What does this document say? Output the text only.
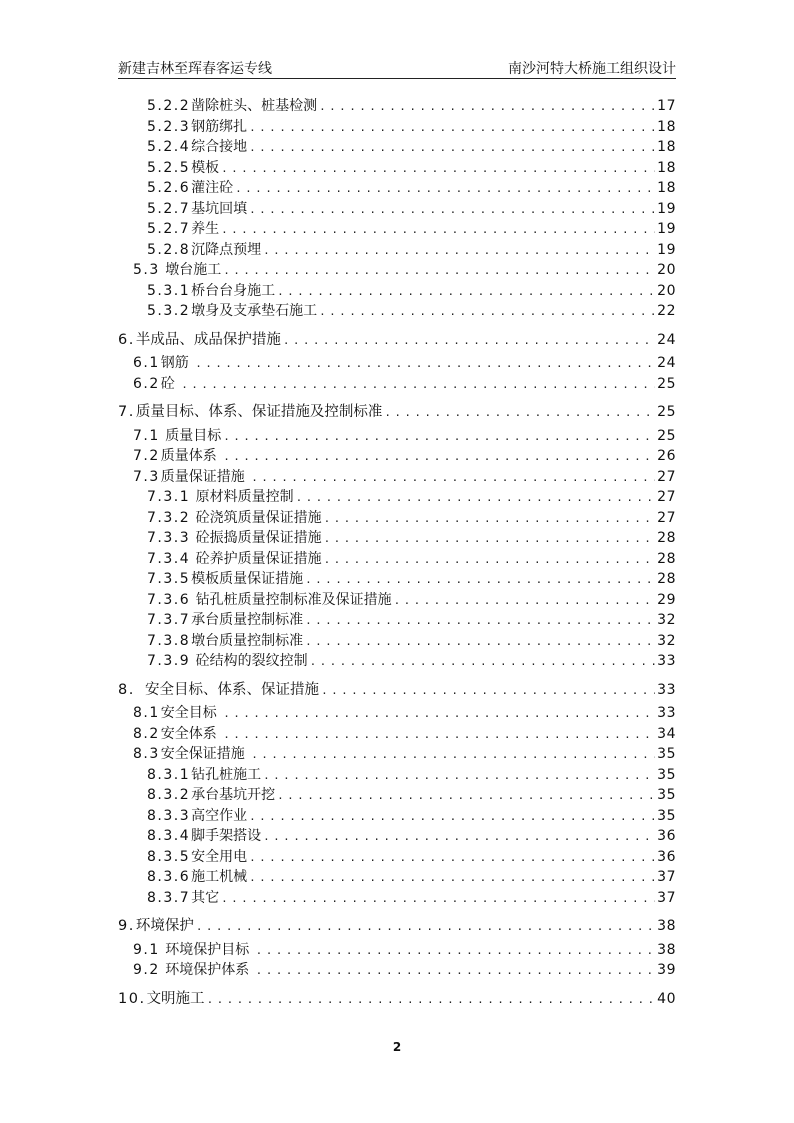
新建吉林至珲春客运专线	南沙河特大桥施工组织设计
5.2.2 凿除桩头、桩基检测 .....	17
5.2.3 钢筋绑扎 .....	18
5.2.4 综合接地 .....	18
5.2.5 模板 .....	18
5.2.6 灌注砼 .....	18
5.2.7 基坑回填 .....	19
5.2.7 养生 .....	19
5.2.8 沉降点预埋 .....	19
5.3 墩台施工 .....	20
5.3.1 桥台台身施工 .....	20
5.3.2 墩身及支承垫石施工 .....	22
6. 半成品、成品保护措施 .....	24
6.1 钢筋 .....	24
6.2 砼 .....	25
7. 质量目标、体系、保证措施及控制标准 .....	25
7.1 质量目标 .....	25
7.2 质量体系 .....	26
7.3 质量保证措施 .....	27
7.3.1 原材料质量控制 .....	27
7.3.2 砼浇筑质量保证措施 .....	27
7.3.3 砼振捣质量保证措施 .....	28
7.3.4 砼养护质量保证措施 .....	28
7.3.5 模板质量保证措施 .....	28
7.3.6 钻孔桩质量控制标准及保证措施 .....	29
7.3.7 承台质量控制标准 .....	32
7.3.8 墩台质量控制标准 .....	32
7.3.9 砼结构的裂纹控制 .....	33
8. 安全目标、体系、保证措施 .....	33
8.1 安全目标 .....	33
8.2 安全体系 .....	34
8.3 安全保证措施 .....	35
8.3.1 钻孔桩施工 .....	35
8.3.2 承台基坑开挖 .....	35
8.3.3 高空作业 .....	35
8.3.4 脚手架搭设 .....	36
8.3.5 安全用电 .....	36
8.3.6 施工机械 .....	37
8.3.7 其它 .....	37
9. 环境保护 .....	38
9.1 环境保护目标 .....	38
9.2 环境保护体系 .....	39
10. 文明施工 .....	40
2
